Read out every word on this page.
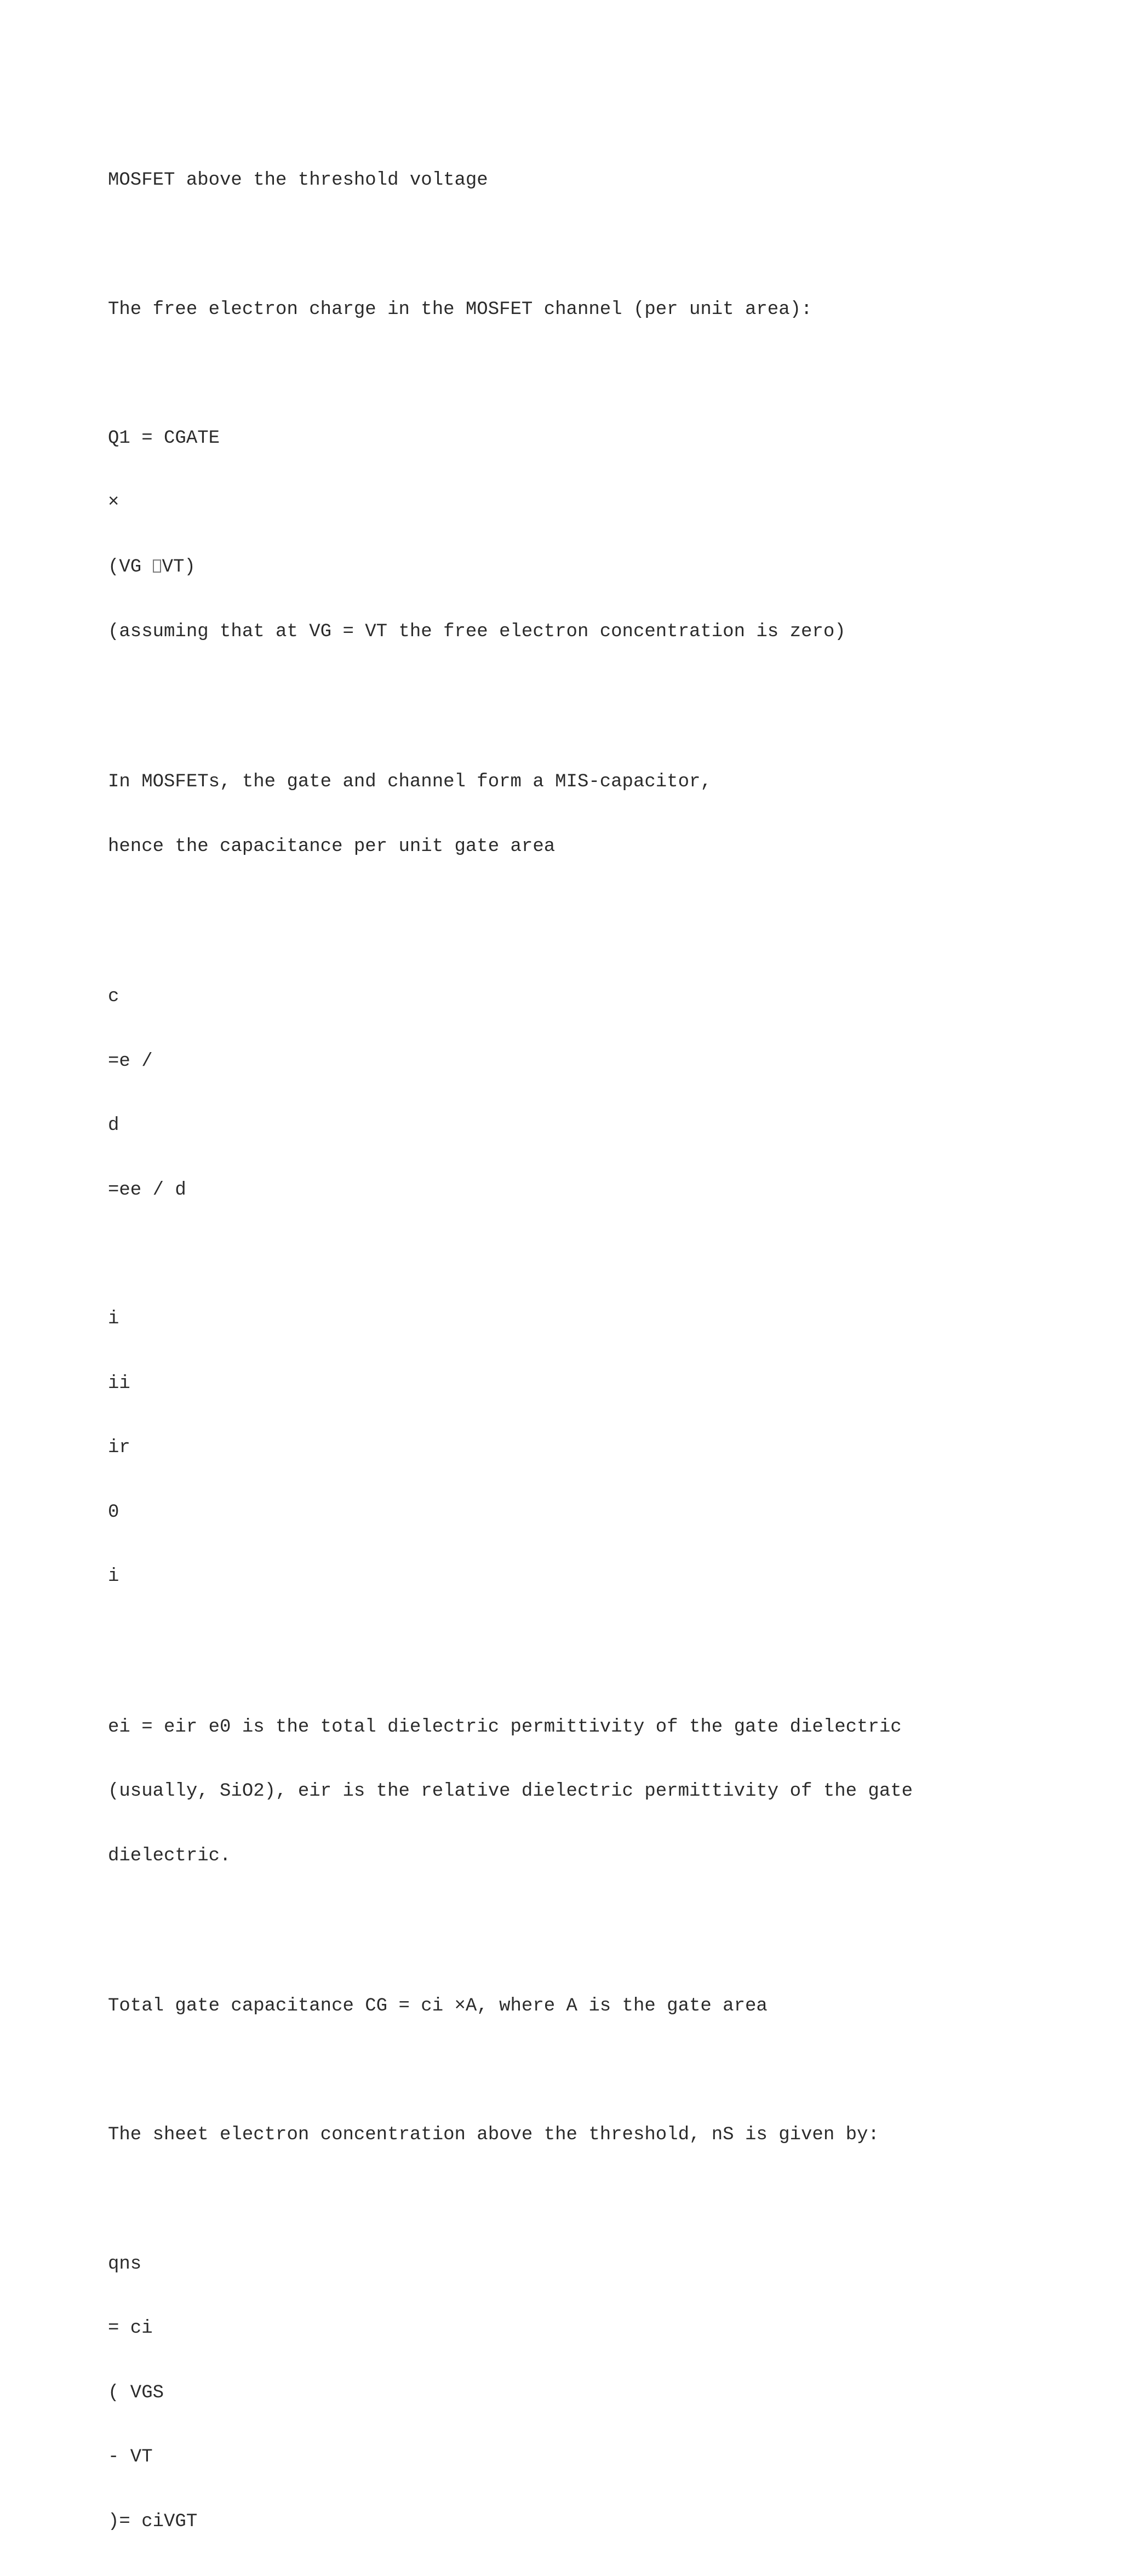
MOSFET above the threshold voltage

The free electron charge in the MOSFET channel (per unit area):

Q1 = CGATE

×

(VG VT)

(assuming that at VG = VT the free electron concentration is zero)

In MOSFETs, the gate and channel form a MIS-capacitor,

hence the capacitance per unit gate area

c

=e /

d

=ee / d

i

ii

ir

0

i

ei = eir e0 is the total dielectric permittivity of the gate dielectric

(usually, SiO2), eir is the relative dielectric permittivity of the gate

dielectric.

Total gate capacitance CG = ci ×A, where A is the gate area

The sheet electron concentration above the threshold, nS is given by:

qns

= ci

( VGS

- VT

)= ciVGT
